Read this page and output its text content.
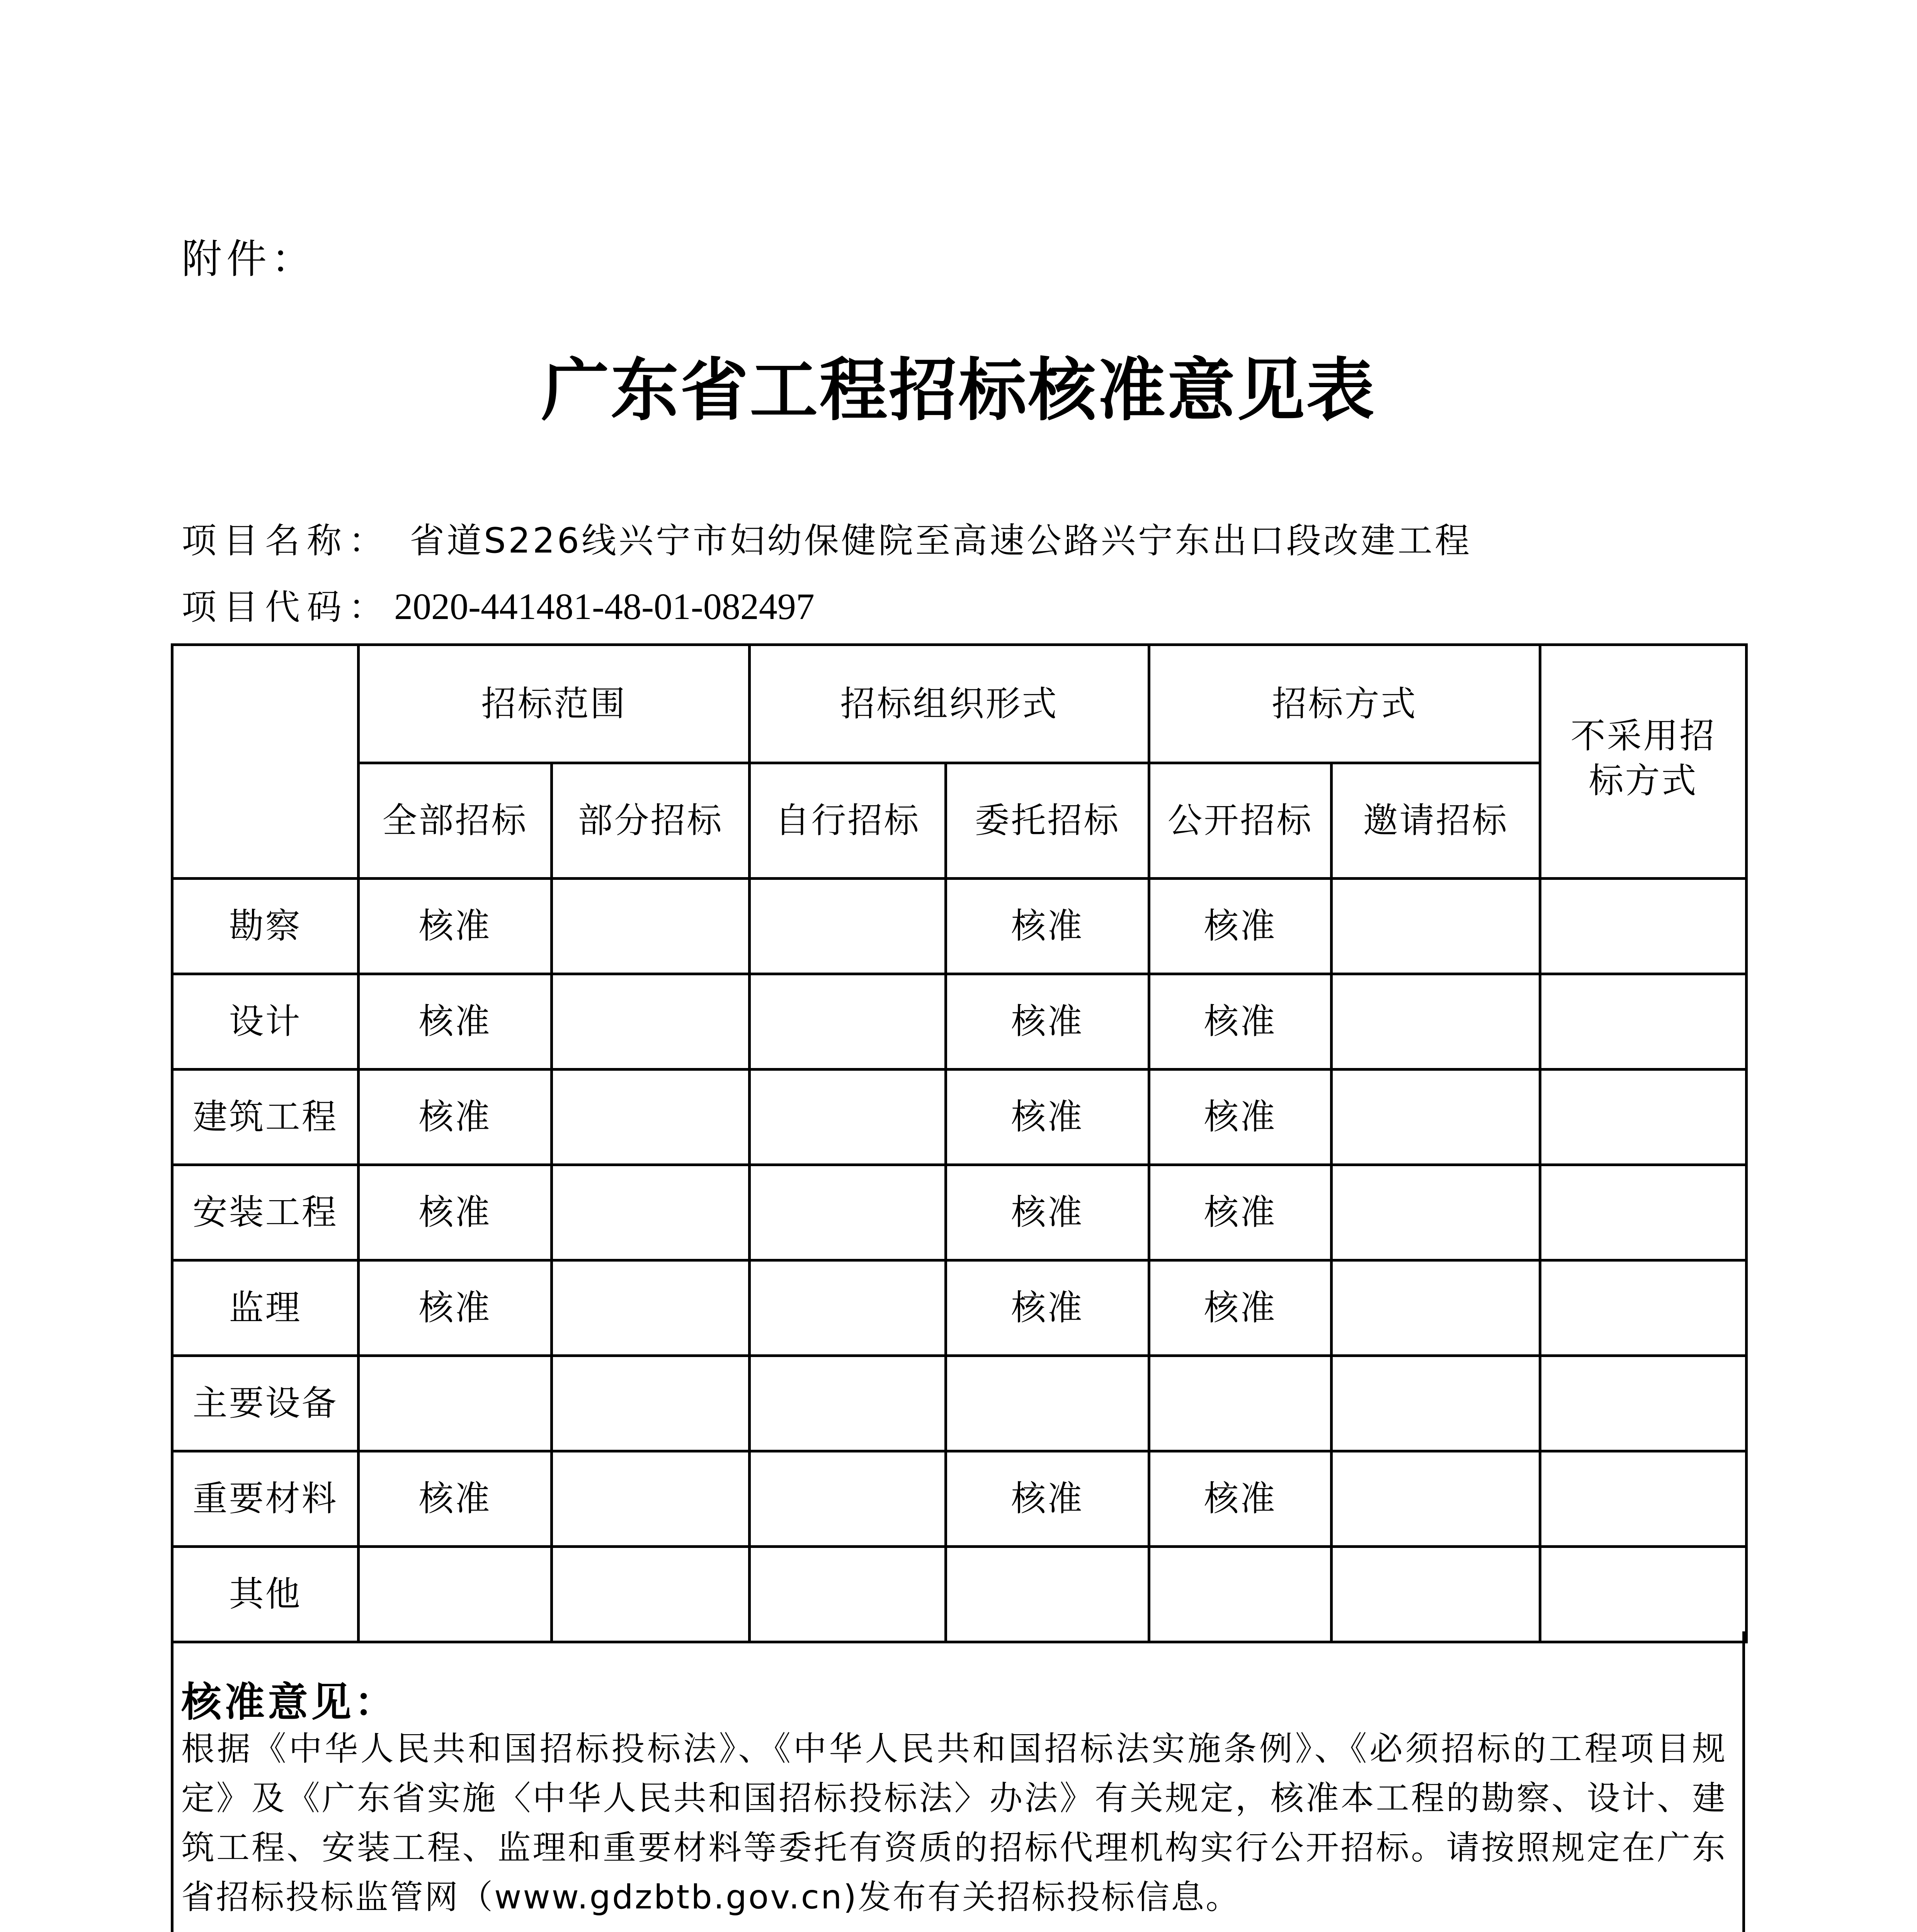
附件：
广东省工程招标核准意见表
项目名称： 省道S226线兴宁市妇幼保健院至高速公路兴宁东出口段改建工程
项目代码： 2020-441481-48-01-082497
	招标范围		招标组织形式		招标方式		不采用招标方式
	全部招标	部分招标	自行招标	委托招标	公开招标	邀请招标	
勘察	核准			核准	核准		
设计	核准			核准	核准		
建筑工程	核准			核准	核准		
安装工程	核准			核准	核准		
监理	核准			核准	核准		
主要设备							
重要材料	核准			核准	核准		
其他							
核准意见：
根据《中华人民共和国招标投标法》、《中华人民共和国招标法实施条例》、《必须招标的工程项目规定》及《广东省实施〈中华人民共和国招标投标法〉办法》有关规定，核准本工程的勘察、设计、建筑工程、安装工程、监理和重要材料等委托有资质的招标代理机构实行公开招标。请按照规定在广东省招标投标监管网（www.gdzbtb.gov.cn)发布有关招标投标信息。
